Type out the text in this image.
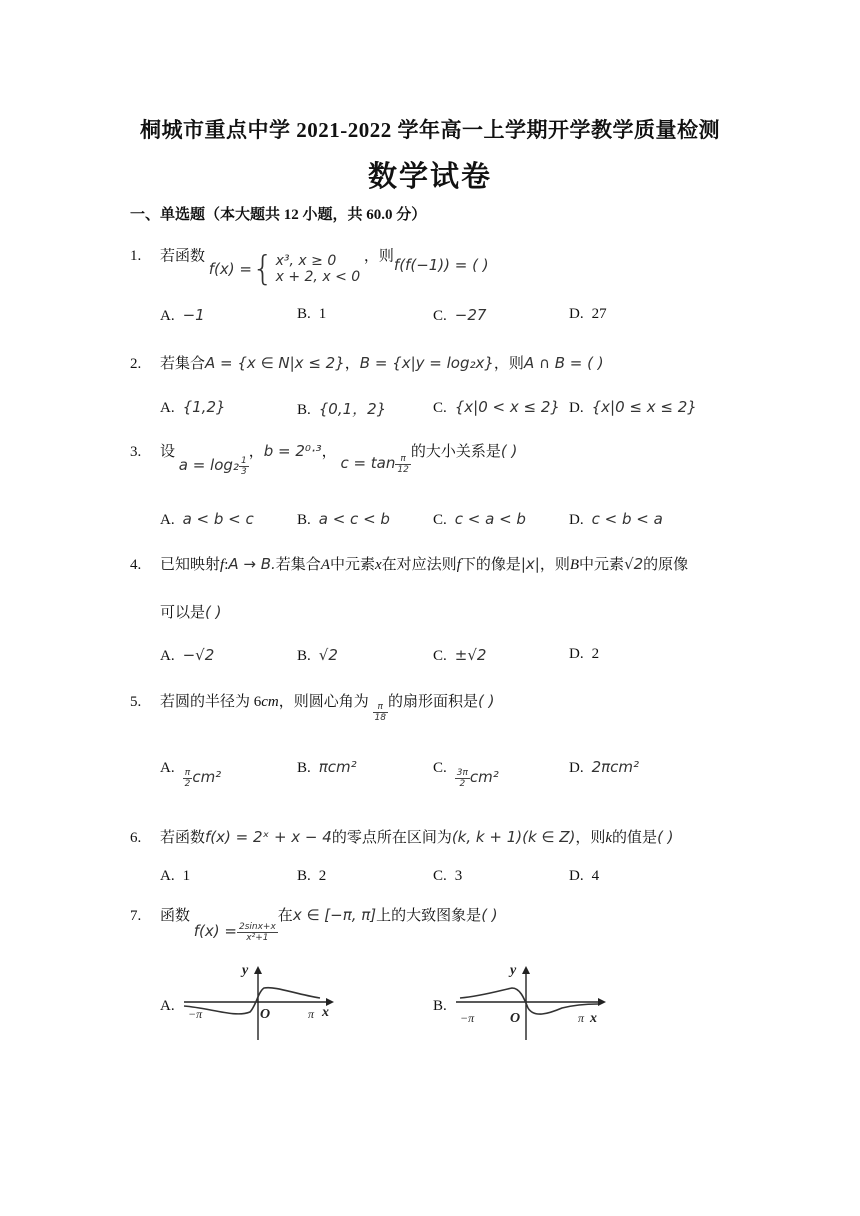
桐城市重点中学 2021-2022 学年高一上学期开学教学质量检测
数学试卷
一、单选题（本大题共 12 小题，共 60.0 分）
1. 若函数
f(x) = { x³, x ≥ 0
x + 2, x < 0
，则f(f(−1)) = ( )
A. −1	B. 1	C. −27	D. 27
2. 若集合A = {x ∈ N|x ≤ 2}，B = {x|y = log₂x}，则A ∩ B = ( )
A. {1,2}	B. {0,1，2}	C. {x|0 < x ≤ 2} D. {x|0 ≤ x ≤ 2}
3. 设 $a = \log_2 \frac{1}{3}$
，b = 2⁰·³， $c = \tan \frac{\pi}{12}$
的大小关系是( )
A. a < b < c	B. a < c < b	C. c < a < b	D. c < b < a
4. 已知映射f:A → B.若集合A中元素x在对应法则f下的像是|x|，则B中元素√2的原像
可以是( )
A. −√2	B. √2	C. ±√2	D. 2
5. 若圆的半径为 6cm，则圆心角为
$\frac{\pi}{18}$
的扇形面积是( )
A.
$\frac{\pi}{2} cm^2$	B. πcm²	C.
$\frac{3\pi}{2} cm^2$	D. 2πcm²
6. 若函数f(x) = 2ˣ + x − 4的零点所在区间为(k, k + 1)(k ∈ Z)，则k的值是( )
A. 1	B. 2	C. 3	D. 4
7. 函数 $f(x) = \frac{2\sin x+x}{\text{x²+1}}$
在x ∈ [−π, π]上的大致图象是( )
A.
y
x
−π	π
O
B.
y
x
−π	π
O
